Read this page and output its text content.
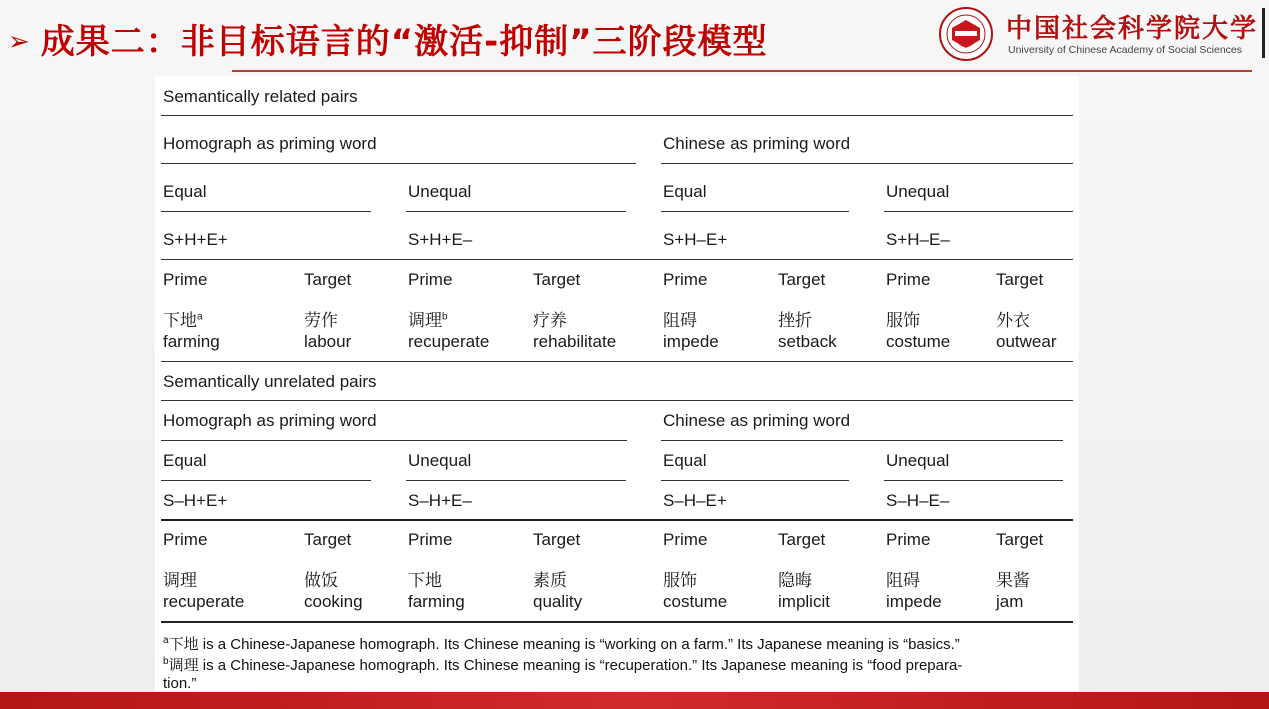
➢ 成果二：非目标语言的“激活-抑制”三阶段模型	中国社会科学院大学
University of Chinese Academy of Social Sciences
Semantically related pairs
Homograph as priming word	Chinese as priming word
Equal	Unequal	Equal	Unequal
S+H+E+	S+H+E–	S+H–E+	S+H–E–
Prime	Target	Prime	Target	Prime	Target	Prime	Target
下地$^a$	劳作	调理$^b$	疗养	阻碍	挫折	服饰	外衣
farming	labour	recuperate	rehabilitate	impede	setback	costume	outwear
Semantically unrelated pairs
Homograph as priming word	Chinese as priming word
Equal	Unequal	Equal	Unequal
S–H+E+	S–H+E–	S–H–E+	S–H–E–
Prime	Target	Prime	Target	Prime	Target	Prime	Target
调理	做饭	下地	素质	服饰	隐晦	阻碍	果酱
recuperate	cooking	farming	quality	costume	implicit	impede	jam
$^a$下地 is a Chinese-Japanese homograph. Its Chinese meaning is “working on a farm.” Its Japanese meaning is “basics.”
$^b$调理 is a Chinese-Japanese homograph. Its Chinese meaning is “recuperation.” Its Japanese meaning is “food prepara-
tion.”
